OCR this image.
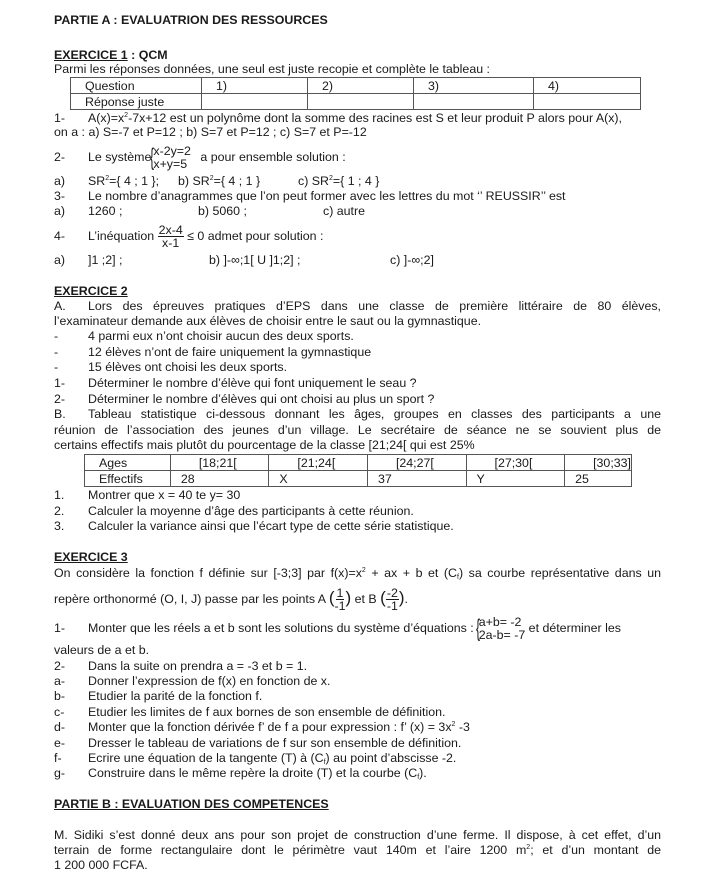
PARTIE A : EVALUATRION DES RESSOURCES
EXERCICE 1 : QCM
Parmi les réponses données, une seul est juste recopie et complète le tableau :
Question	1)	2)	3)	4)
Réponse juste				
1- $A(x)=x^2-7x+12$ est un polynôme dont la somme des racines est S et leur produit P alors pour A(x),
on a : a) S=-7 et P=12 ; b) S=7 et P=12 ; c) S=7 et P=-12
2- Le système { x-2y=2
x+y=5	a pour ensemble solution :
a) $SR^2=${ 4 ; 1 }; b) $SR^2=${ 4 ; 1 }	c) $SR^2=${ 1 ; 4 }
3- Le nombre d’anagrammes que l’on peut former avec les lettres du mot ‘’ REUSSIR’’ est
a) 1260 ;	b) 5060 ;	c) autre
4- L’inéquation $\frac{2x-4}{x-1} \le 0$ admet pour solution :
a) ]1 ;2] ;	b) ]-∞;1[ U ]1;2] ;	c) ]-∞;2]
EXERCICE 2
A. Lors des épreuves pratiques d’EPS dans une classe de première littéraire de 80 élèves,
l’examinateur demande aux élèves de choisir entre le saut ou la gymnastique.
- 4 parmi eux n’ont choisir aucun des deux sports.
- 12 élèves n’ont de faire uniquement la gymnastique
- 15 élèves ont choisi les deux sports.
1- Déterminer le nombre d’élève qui font uniquement le seau ?
2- Déterminer le nombre d’élèves qui ont choisi au plus un sport ?
B. Tableau statistique ci-dessous donnant les âges, groupes en classes des participants a une
réunion de l’association des jeunes d’un village. Le secrétaire de séance ne se souvient plus de
certains effectifs mais plutôt du pourcentage de la classe [21;24[ qui est 25%
Ages	[18;21[	[21;24[	[24;27[	[27;30[	[30;33]
Effectifs	28	X	37	Y	25
1. Montrer que x = 40 te y= 30
2. Calculer la moyenne d’âge des participants à cette réunion.
3. Calculer la variance ainsi que l’écart type de cette série statistique.
EXERCICE 3
On considère la fonction f définie sur [-3;3] par $f(x)=x^2$ + ax + b et $(C_f)$ sa courbe représentative dans un
repère orthonormé (O, I, J) passe par les points A ( $\frac{1}{-1}$ ) et B ( $\frac{-2}{-1}$ ).
1- Monter que les réels a et b sont les solutions du système d’équations : { a+b= -2
2a-b= -7 et déterminer les
valeurs de a et b.
2- Dans la suite on prendra a = -3 et b = 1.
a- Donner l’expression de f(x) en fonction de x.
b- Etudier la parité de la fonction f.
c- Etudier les limites de f aux bornes de son ensemble de définition.
d- Monter que la fonction dérivée f’ de f a pour expression : f’ $(x) = 3x^2$ -3
e- Dresser le tableau de variations de f sur son ensemble de définition.
f- Ecrire une équation de la tangente (T) à $(C_f)$ au point d’abscisse -2.
g- Construire dans le même repère la droite (T) et la courbe $(C_f)$.
PARTIE B : EVALUATION DES COMPETENCES
M. Sidiki s’est donné deux ans pour son projet de construction d’une ferme. Il dispose, à cet effet, d’un
terrain de forme rectangulaire dont le périmètre vaut 140m et l’aire 1200 $m^2$; et d’un montant de
1 200 000 FCFA.
